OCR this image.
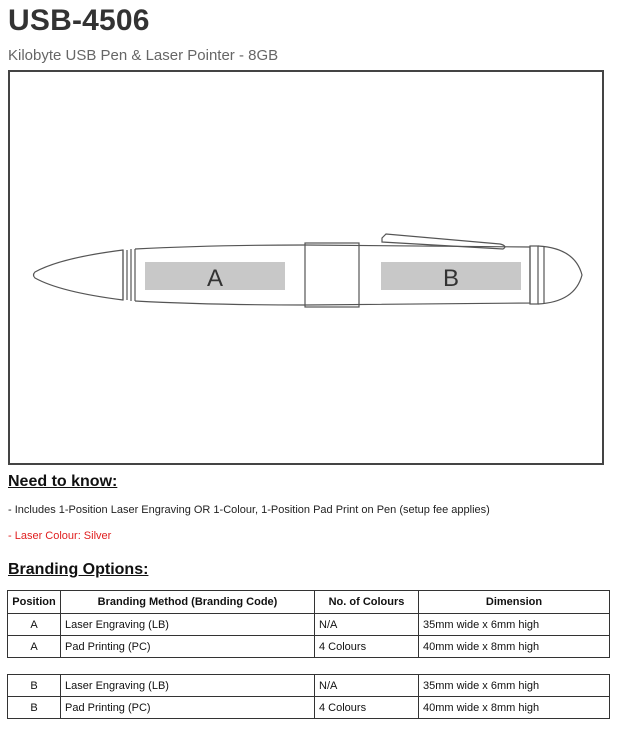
USB-4506
Kilobyte USB Pen & Laser Pointer - 8GB
A	B
Need to know:
- Includes 1-Position Laser Engraving OR 1-Colour, 1-Position Pad Print on Pen (setup fee applies)
- Laser Colour: Silver
Branding Options:
Position	Branding Method (Branding Code)	No. of Colours	Dimension
A	Laser Engraving (LB)	N/A	35mm wide x 6mm high
A	Pad Printing (PC)	4 Colours	40mm wide x 8mm high
B	Laser Engraving (LB)	N/A	35mm wide x 6mm high
B	Pad Printing (PC)	4 Colours	40mm wide x 8mm high
